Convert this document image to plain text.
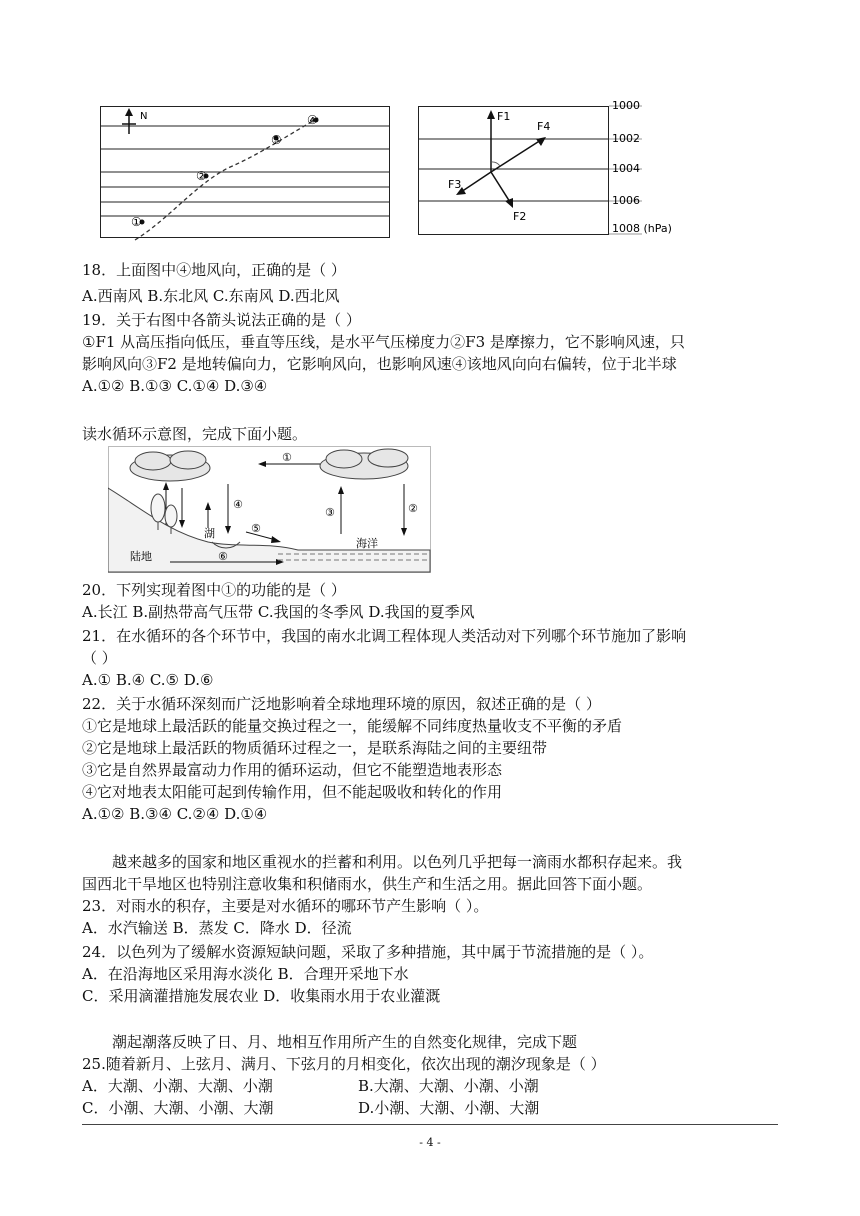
N
①
②
③
④
1000
1002
1004
1006
1008 (hPa)
F1
F4
F3
F2
18．上面图中④地风向，正确的是（ ）
A.西南风 B.东北风 C.东南风 D.西北风
19．关于右图中各箭头说法正确的是（ ）
①F1 从高压指向低压，垂直等压线，是水平气压梯度力②F3 是摩擦力，它不影响风速，只
影响风向③F2 是地转偏向力，它影响风向，也影响风速④该地风向向右偏转，位于北半球
A.①② B.①③ C.①④ D.③④
读水循环示意图，完成下面小题。
①
②
③
④
⑤
⑥
湖
陆地
海洋
20．下列实现着图中①的功能的是（ ）
A.长江 B.副热带高气压带 C.我国的冬季风 D.我国的夏季风
21．在水循环的各个环节中，我国的南水北调工程体现人类活动对下列哪个环节施加了影响
（ ）
A.① B.④ C.⑤ D.⑥
22．关于水循环深刻而广泛地影响着全球地理环境的原因，叙述正确的是（ ）
①它是地球上最活跃的能量交换过程之一，能缓解不同纬度热量收支不平衡的矛盾
②它是地球上最活跃的物质循环过程之一，是联系海陆之间的主要纽带
③它是自然界最富动力作用的循环运动，但它不能塑造地表形态
④它对地表太阳能可起到传输作用，但不能起吸收和转化的作用
A.①② B.③④ C.②④ D.①④
越来越多的国家和地区重视水的拦蓄和利用。以色列几乎把每一滴雨水都积存起来。我
国西北干旱地区也特别注意收集和积储雨水，供生产和生活之用。据此回答下面小题。
23．对雨水的积存，主要是对水循环的哪环节产生影响（ ）。
A．水汽输送 B．蒸发 C．降水 D．径流
24．以色列为了缓解水资源短缺问题，采取了多种措施，其中属于节流措施的是（ ）。
A．在沿海地区采用海水淡化 B．合理开采地下水
C．采用滴灌措施发展农业 D．收集雨水用于农业灌溉
潮起潮落反映了日、月、地相互作用所产生的自然变化规律，完成下题
25.随着新月、上弦月、满月、下弦月的月相变化，依次出现的潮汐现象是（ ）
A．大潮、小潮、大潮、小潮	B.大潮、大潮、小潮、小潮
C．小潮、大潮、小潮、大潮	D.小潮、大潮、小潮、大潮
- 4 -
